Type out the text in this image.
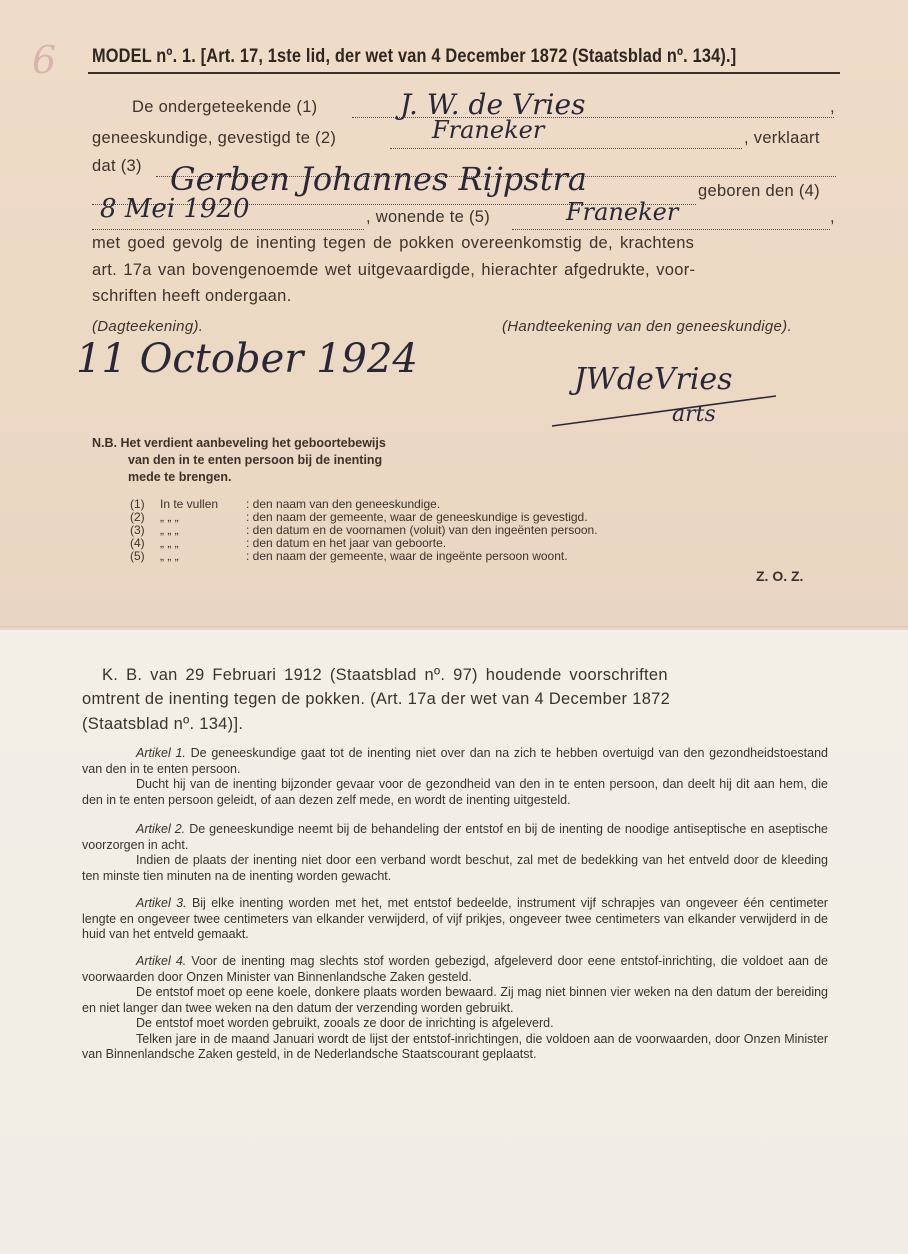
6 MODEL nº. 1. [Art. 17, 1ste lid, der wet van 4 December 1872 (Staatsblad nº. 134).]
De ondergeteekende (1)	J. W. de Vries	,
geneeskundige, gevestigd te (2)	Franeker	, verklaart
dat (3) Gerben Johannes Rijpstra	geboren den (4)
8 Mei 1920	, wonende te (5)	Franeker	,
met goed gevolg de inenting tegen de pokken overeenkomstig de, krachtens
art. 17a van bovengenoemde wet uitgevaardigde, hierachter afgedrukte, voor-
schriften heeft ondergaan.
(Dagteekening).	(Handteekening van den geneeskundige).
11 October 1924	JWdeVries
arts
N.B. Het verdient aanbeveling het geboortebewijs
van den in te enten persoon bij de inenting
mede te brengen.
(1) In te vullen : den naam van den geneeskundige.
(2) „ „ „	: den naam der gemeente, waar de geneeskundige is gevestigd.
(3) „ „ „	: den datum en de voornamen (voluit) van den ingeënten persoon.
(4) „ „ „	: den datum en het jaar van geboorte.
(5) „ „ „	: den naam der gemeente, waar de ingeënte persoon woont.
Z. O. Z.
K. B. van 29 Februari 1912 (Staatsblad nº. 97) houdende voorschriften
omtrent de inenting tegen de pokken. (Art. 17a der wet van 4 December 1872
(Staatsblad nº. 134)].
Artikel 1. De geneeskundige gaat tot de inenting niet over dan na zich te hebben overtuigd van den gezondheidstoestand van den in te enten persoon.
Ducht hij van de inenting bijzonder gevaar voor de gezondheid van den in te enten persoon, dan deelt hij dit aan hem, die den in te enten persoon geleidt, of aan dezen zelf mede, en wordt de inenting uitgesteld.
Artikel 2. De geneeskundige neemt bij de behandeling der entstof en bij de inenting de noodige antiseptische en aseptische voorzorgen in acht.
Indien de plaats der inenting niet door een verband wordt beschut, zal met de bedekking van het entveld door de kleeding ten minste tien minuten na de inenting worden gewacht.
Artikel 3. Bij elke inenting worden met het, met entstof bedeelde, instrument vijf schrapjes van ongeveer één centimeter lengte en ongeveer twee centimeters van elkander verwijderd, of vijf prikjes, ongeveer twee centimeters van elkander verwijderd in de huid van het entveld gemaakt.
Artikel 4. Voor de inenting mag slechts stof worden gebezigd, afgeleverd door eene entstof-inrichting, die voldoet aan de voorwaarden door Onzen Minister van Binnenlandsche Zaken gesteld.
De entstof moet op eene koele, donkere plaats worden bewaard. Zij mag niet binnen vier weken na den datum der bereiding en niet langer dan twee weken na den datum der verzending worden gebruikt.
De entstof moet worden gebruikt, zooals ze door de inrichting is afgeleverd.
Telken jare in de maand Januari wordt de lijst der entstof-inrichtingen, die voldoen aan de voorwaarden, door Onzen Minister van Binnenlandsche Zaken gesteld, in de Nederlandsche Staatscourant geplaatst.
